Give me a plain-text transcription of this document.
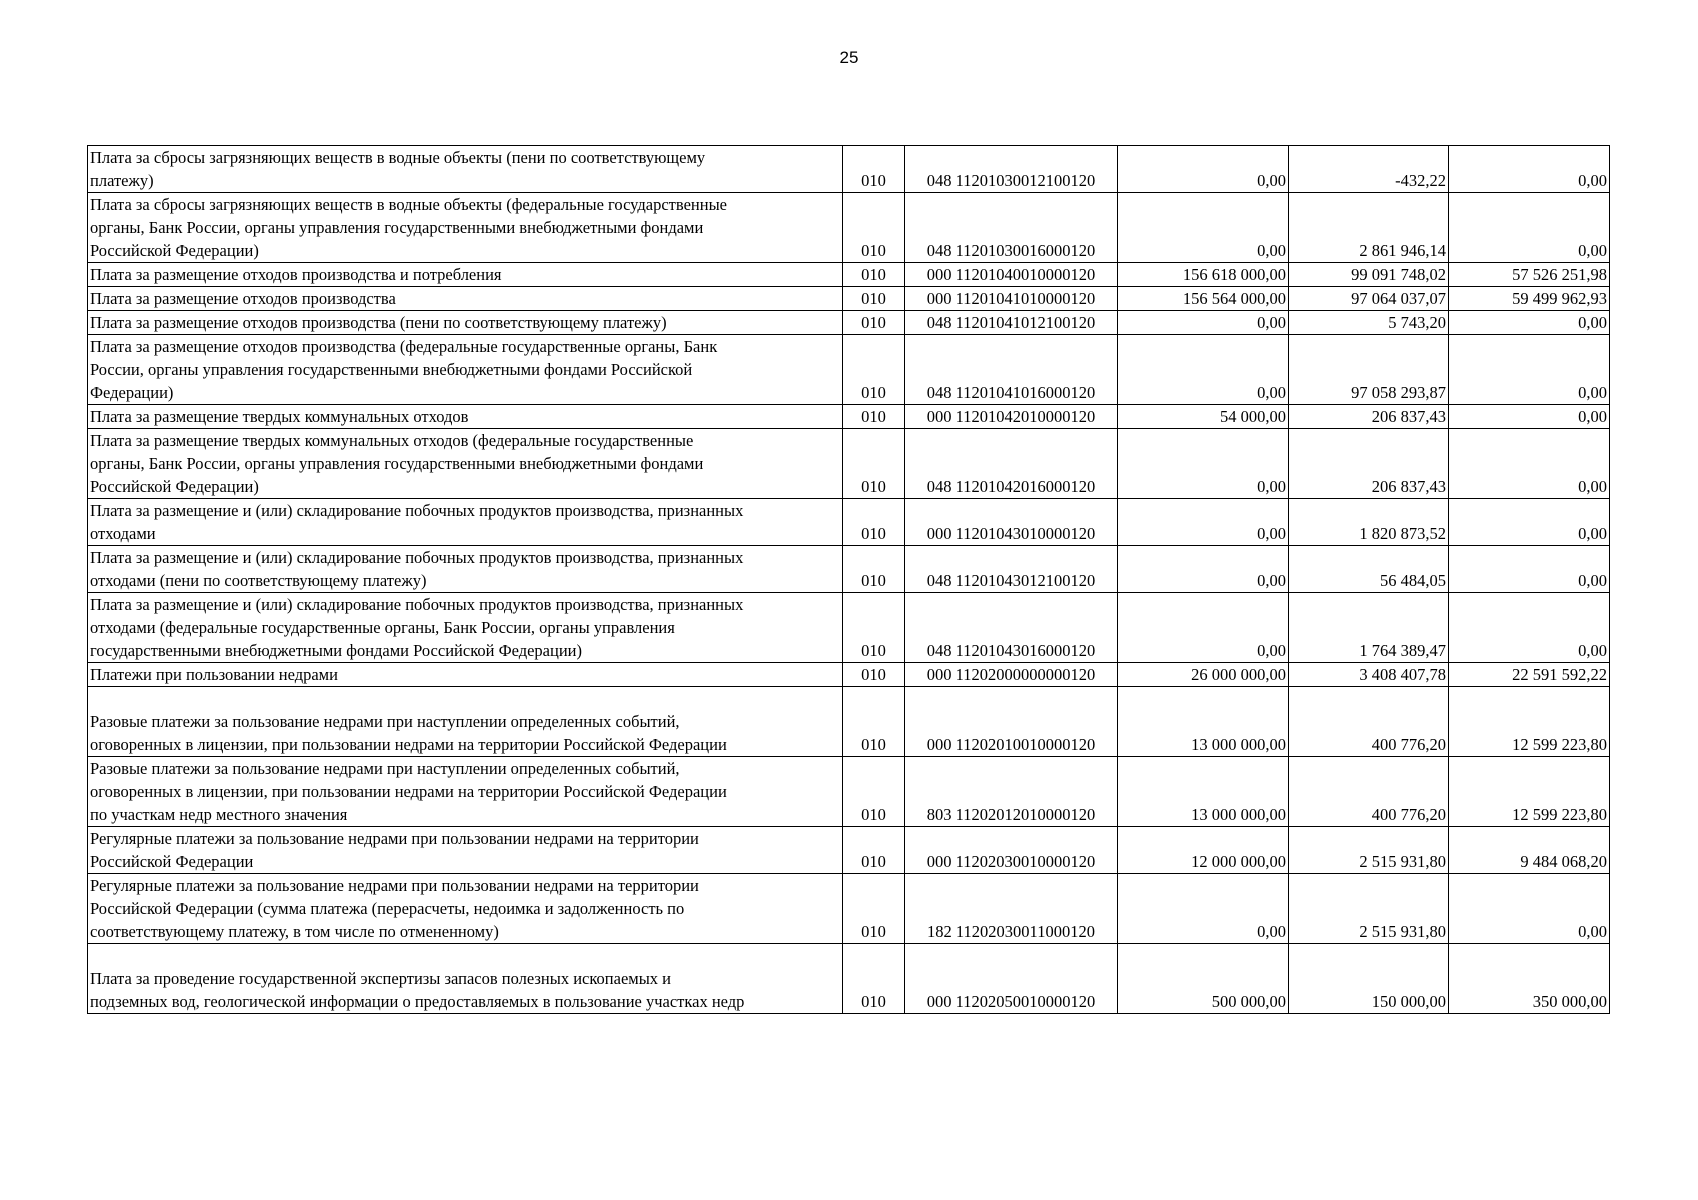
25
Плата за сбросы загрязняющих веществ в водные объекты (пени по соответствующему
платежу)	010	048 11201030012100120	0,00	-432,22	0,00

Плата за сбросы загрязняющих веществ в водные объекты (федеральные государственные
органы, Банк России, органы управления государственными внебюджетными фондами
Российской Федерации)	010	048 11201030016000120	0,00	2 861 946,14	0,00

Плата за размещение отходов производства и потребления	010	000 11201040010000120	156 618 000,00	99 091 748,02	57 526 251,98

Плата за размещение отходов производства	010	000 11201041010000120	156 564 000,00	97 064 037,07	59 499 962,93

Плата за размещение отходов производства (пени по соответствующему платежу)	010	048 11201041012100120	0,00	5 743,20	0,00

Плата за размещение отходов производства (федеральные государственные органы, Банк
России, органы управления государственными внебюджетными фондами Российской
Федерации)	010	048 11201041016000120	0,00	97 058 293,87	0,00

Плата за размещение твердых коммунальных отходов	010	000 11201042010000120	54 000,00	206 837,43	0,00

Плата за размещение твердых коммунальных отходов (федеральные государственные
органы, Банк России, органы управления государственными внебюджетными фондами
Российской Федерации)	010	048 11201042016000120	0,00	206 837,43	0,00

Плата за размещение и (или) складирование побочных продуктов производства, признанных
отходами	010	000 11201043010000120	0,00	1 820 873,52	0,00

Плата за размещение и (или) складирование побочных продуктов производства, признанных
отходами (пени по соответствующему платежу)	010	048 11201043012100120	0,00	56 484,05	0,00

Плата за размещение и (или) складирование побочных продуктов производства, признанных
отходами (федеральные государственные органы, Банк России, органы управления
государственными внебюджетными фондами Российской Федерации)	010	048 11201043016000120	0,00	1 764 389,47	0,00

Платежи при пользовании недрами	010	000 11202000000000120	26 000 000,00	3 408 407,78	22 591 592,22

Разовые платежи за пользование недрами при наступлении определенных событий,
оговоренных в лицензии, при пользовании недрами на территории Российской Федерации	010	000 11202010010000120	13 000 000,00	400 776,20	12 599 223,80

Разовые платежи за пользование недрами при наступлении определенных событий,
оговоренных в лицензии, при пользовании недрами на территории Российской Федерации
по участкам недр местного значения	010	803 11202012010000120	13 000 000,00	400 776,20	12 599 223,80

Регулярные платежи за пользование недрами при пользовании недрами на территории
Российской Федерации	010	000 11202030010000120	12 000 000,00	2 515 931,80	9 484 068,20

Регулярные платежи за пользование недрами при пользовании недрами на территории
Российской Федерации (сумма платежа (перерасчеты, недоимка и задолженность по
соответствующему платежу, в том числе по отмененному)	010	182 11202030011000120	0,00	2 515 931,80	0,00

Плата за проведение государственной экспертизы запасов полезных ископаемых и
подземных вод, геологической информации о предоставляемых в пользование участках недр	010	000 11202050010000120	500 000,00	150 000,00	350 000,00
